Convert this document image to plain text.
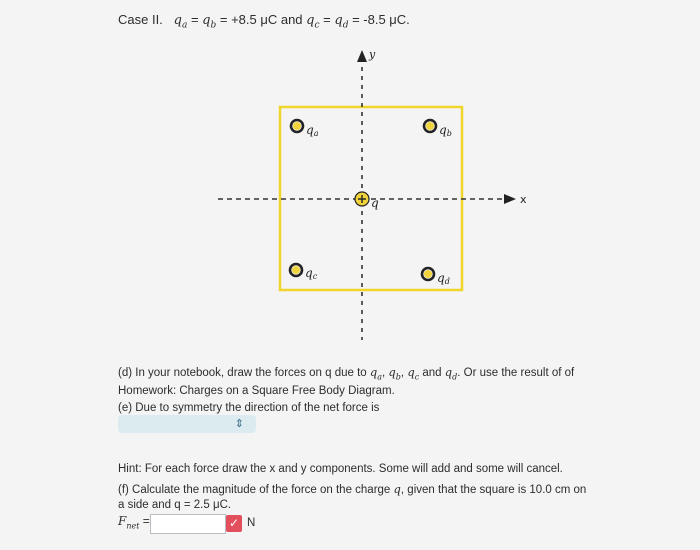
Case II. $q_a = q_b = +8.5$ μC and $q_c = q_d = -8.5$ μC.
y
x
q
qa	qb
qc	qd
(d) In your notebook, draw the forces on q due to $q_a$, $q_b$, $q_c$ and $q_d$. Or use the result of of
Homework: Charges on a Square Free Body Diagram.
(e) Due to symmetry the direction of the net force is
⇕
Hint: For each force draw the x and y components. Some will add and some will cancel.
(f) Calculate the magnitude of the force on the charge q, given that the square is 10.0 cm on
a side and q = 2.5 μC.
$F_{net}$ =	✓ N
